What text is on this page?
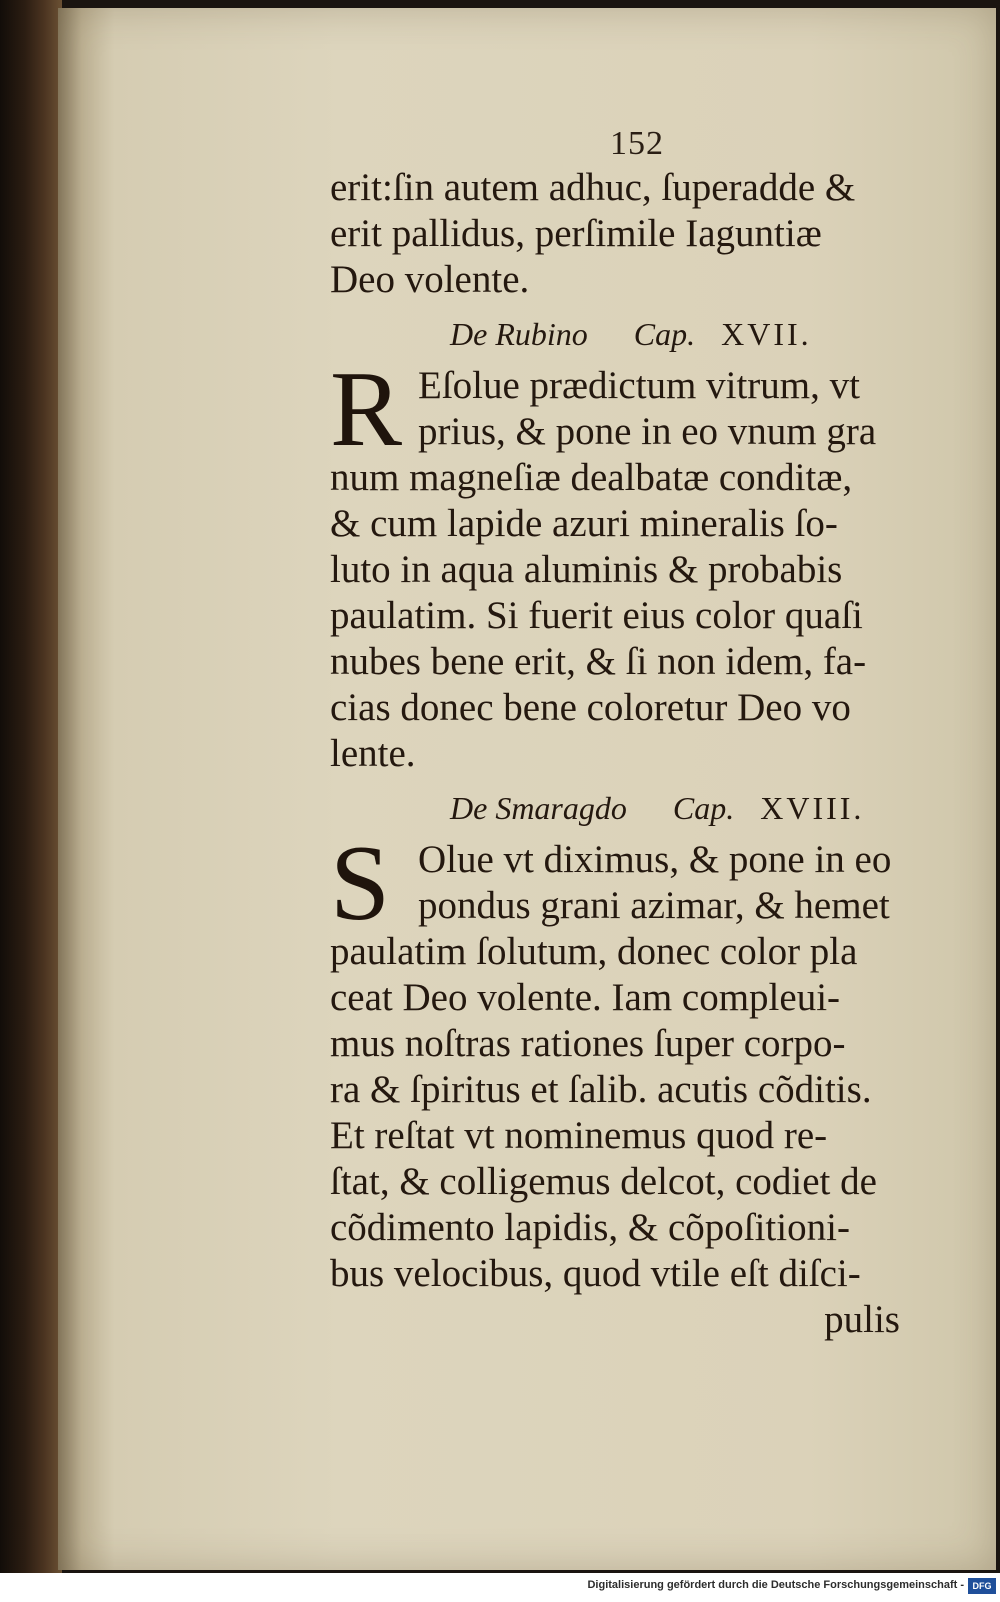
152

erit:ſin autem adhuc, ſuperadde &

erit pallidus, perſimile Iaguntiæ

Deo volente.

De Rubino Cap. XVII.
R Eſolue prædictum vitrum, vt

prius, & pone in eo vnum gra

num magneſiæ dealbatæ conditæ,

& cum lapide azuri mineralis ſo-

luto in aqua aluminis & probabis

paulatim. Si fuerit eius color quaſi

nubes bene erit, & ſi non idem, fa-

cias donec bene coloretur Deo vo

lente.

De Smaragdo Cap. XVIII.
S Olue vt diximus, & pone in eo

pondus grani azimar, & hemet

paulatim ſolutum, donec color pla

ceat Deo volente. Iam compleui-

mus noſtras rationes ſuper corpo-

ra & ſpiritus et ſalib. acutis cõditis.

Et reſtat vt nominemus quod re-

ſtat, & colligemus delcot, codiet de

cõdimento lapidis, & cõpoſitioni-

bus velocibus, quod vtile eſt diſci-

pulis

Digitalisierung gefördert durch die Deutsche Forschungsgemeinschaft - DFG
